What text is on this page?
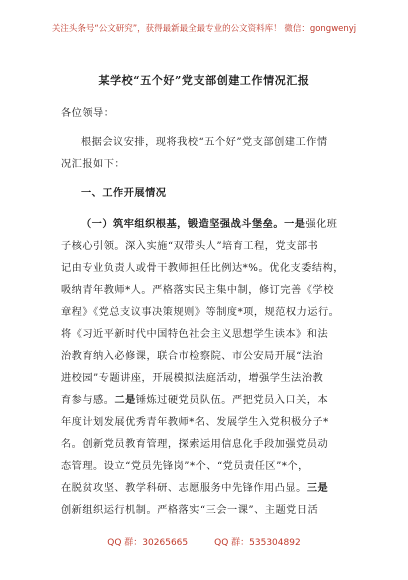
关注头条号“公文研究”，获得最新最全最专业的公文资料库！ 微信：gongwenyj
某学校“五个好”党支部创建工作情况汇报
各位领导：
根据会议安排，现将我校“五个好”党支部创建工作情
况汇报如下：
一、工作开展情况
（一）筑牢组织根基，锻造坚强战斗堡垒。一是强化班
子核心引领。深入实施“双带头人”培育工程，党支部书
记由专业负责人或骨干教师担任比例达*%。优化支委结构，
吸纳青年教师*人。严格落实民主集中制，修订完善《学校
章程》《党总支议事决策规则》等制度*项，规范权力运行。
将《习近平新时代中国特色社会主义思想学生读本》和法
治教育纳入必修课，联合市检察院、市公安局开展“法治
进校园”专题讲座，开展模拟法庭活动，增强学生法治教
育参与感。二是锤炼过硬党员队伍。严把党员入口关，本
年度计划发展优秀青年教师*名、发展学生入党积极分子*
名。创新党员教育管理，探索运用信息化手段加强党员动
态管理。设立“党员先锋岗”*个、“党员责任区”*个，
在脱贫攻坚、教学科研、志愿服务中先锋作用凸显。三是
创新组织运行机制。严格落实“三会一课”、主题党日活
QQ 群：30265665	QQ 群：535304892
